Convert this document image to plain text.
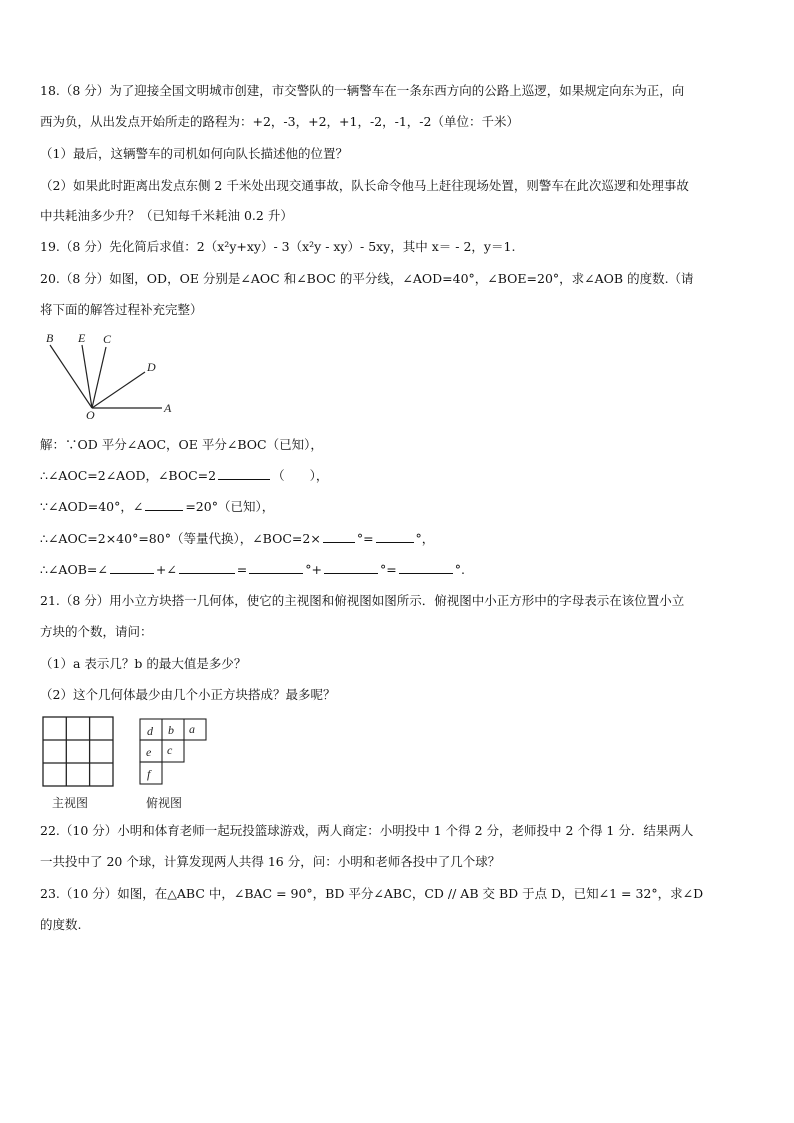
18.（8 分）为了迎接全国文明城市创建，市交警队的一辆警车在一条东西方向的公路上巡逻，如果规定向东为正，向
西为负，从出发点开始所走的路程为：+2，-3，+2，+1，-2，-1，-2（单位：千米）
（1）最后，这辆警车的司机如何向队长描述他的位置？
（2）如果此时距离出发点东侧 2 千米处出现交通事故，队长命令他马上赶往现场处置，则警车在此次巡逻和处理事故
中共耗油多少升？（已知每千米耗油 0.2 升）
19.（8 分）先化简后求值：2（x²y+xy）- 3（x²y - xy）- 5xy，其中 x＝ - 2，y＝1.
20.（8 分）如图，OD，OE 分别是∠AOC 和∠BOC 的平分线，∠AOD=40°，∠BOE=20°，求∠AOB 的度数.（请
将下面的解答过程补充完整）
B E C
D
O	A
解：∵OD 平分∠AOC，OE 平分∠BOC（已知），
∴∠AOC=2∠AOD，∠BOC=2	（　　），
∵∠AOD=40°，∠	=20°（已知），
∴∠AOC=2×40°=80°（等量代换），∠BOC=2×	°=	°，
∴∠AOB=∠	+∠	=	°+	°=	°.
21.（8 分）用小立方块搭一几何体，使它的主视图和俯视图如图所示．俯视图中小正方形中的字母表示在该位置小立
方块的个数，请问：
（1）a 表示几？b 的最大值是多少？
（2）这个几何体最少由几个小正方块搭成？最多呢？
主视图
d b a
e c
f
俯视图
22.（10 分）小明和体育老师一起玩投篮球游戏，两人商定：小明投中 1 个得 2 分，老师投中 2 个得 1 分．结果两人
一共投中了 20 个球，计算发现两人共得 16 分，问：小明和老师各投中了几个球？
23.（10 分）如图，在△ABC 中，∠BAC = 90°，BD 平分∠ABC，CD // AB 交 BD 于点 D，已知∠1 = 32°，求∠D
的度数.
